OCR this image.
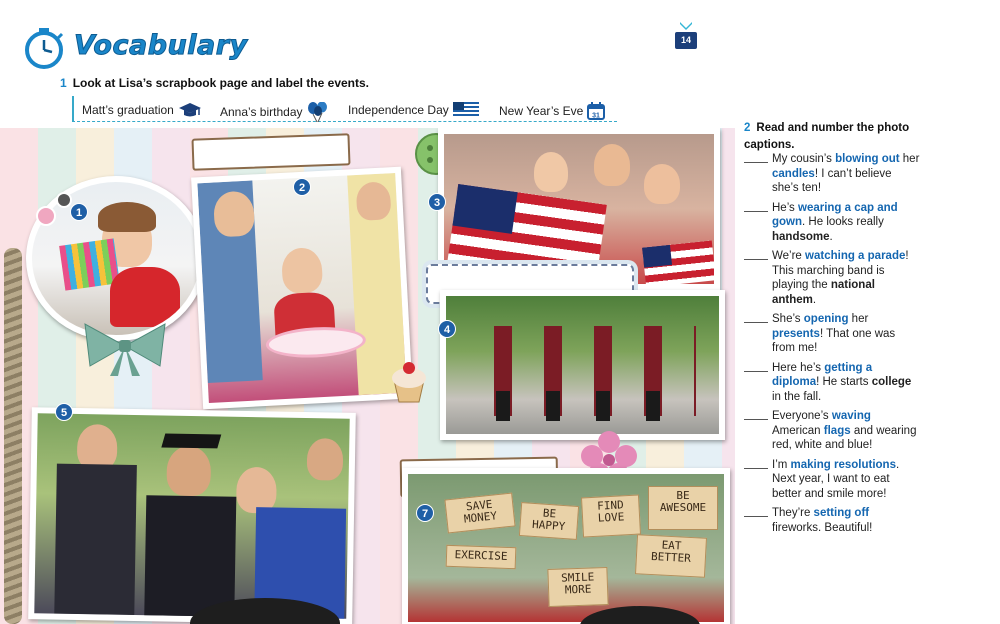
Vocabulary	14
1 Look at Lisa’s scrapbook page and label the events.
Matt’s graduation	Anna’s birthday	Independence Day	New Year’s Eve 31
1
2
3
4
5
SAVE MONEY	BE HAPPY
FIND LOVE
BE AWESOME
EXERCISE
SMILE MORE
EAT BETTER
7
2 Read and number the photo captions.
My cousin’s blowing out her candles! I can’t believe she’s ten!
He’s wearing a cap and gown. He looks really handsome.
We’re watching a parade! This marching band is playing the national anthem.
She’s opening her presents! That one was from me!
Here he’s getting a diploma! He starts college in the fall.
Everyone’s waving American flags and wearing red, white and blue!
I’m making resolutions. Next year, I want to eat better and smile more!
They’re setting off fireworks. Beautiful!
